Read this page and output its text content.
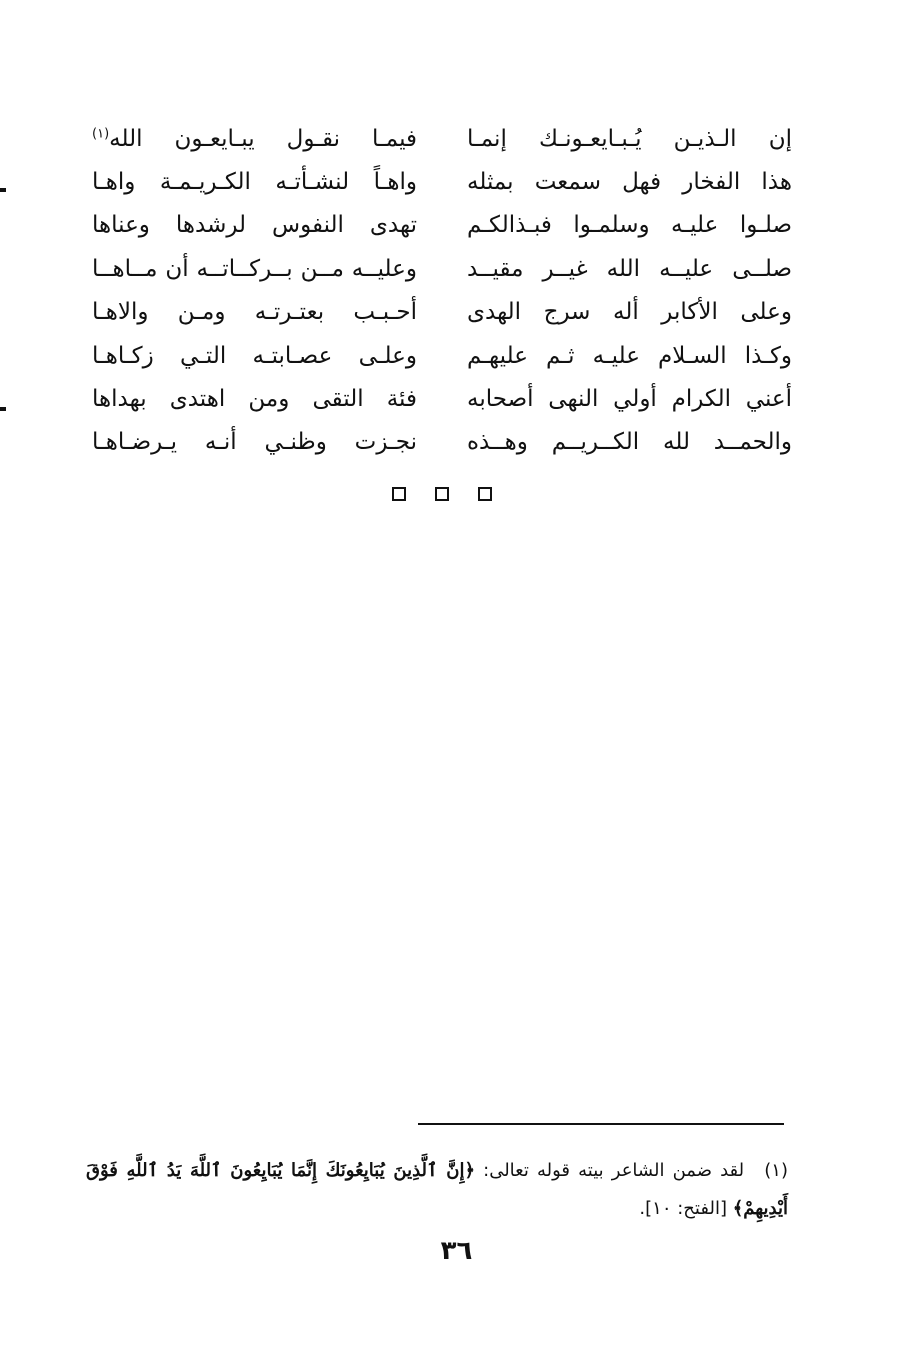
إن الـذيـن يُـبـايعـونـك إنمـا
فيمـا نقـول يبـايعـون الله$^{(١)}$
هذا الفخار فهل سمعت بمثله
واهـاً لنشـأتـه الكـريـمـة واهـا
صلـوا عليـه وسلمـوا فبـذالكـم
تهدى النفوس لرشدها وعناها
صلــى عليــه الله غيــر مقيــد
وعليــه مــن بــركــاتــه أن مــاهــا
وعلى الأكابر أله سرج الهدى
أحـبـب بعتـرتـه ومـن والاهـا
وكـذا السـلام عليـه ثـم عليهـم
وعلـى عصـابتـه التـي زكـاهـا
أعني الكرام أولي النهى أصحابه
فئة التقى ومن اهتدى بهداها
والحمــد لله الكــريــم وهــذه
نجـزت وظنـي أنـه يـرضـاهـا
(١) لقد ضمن الشاعر بيته قوله تعالى: ﴿إِنَّ ٱلَّذِينَ يُبَايِعُونَكَ إِنَّمَا يُبَايِعُونَ ٱللَّهَ يَدُ ٱللَّهِ فَوْقَ أَيْدِيهِمْ﴾ [الفتح: ١٠].
٣٦
